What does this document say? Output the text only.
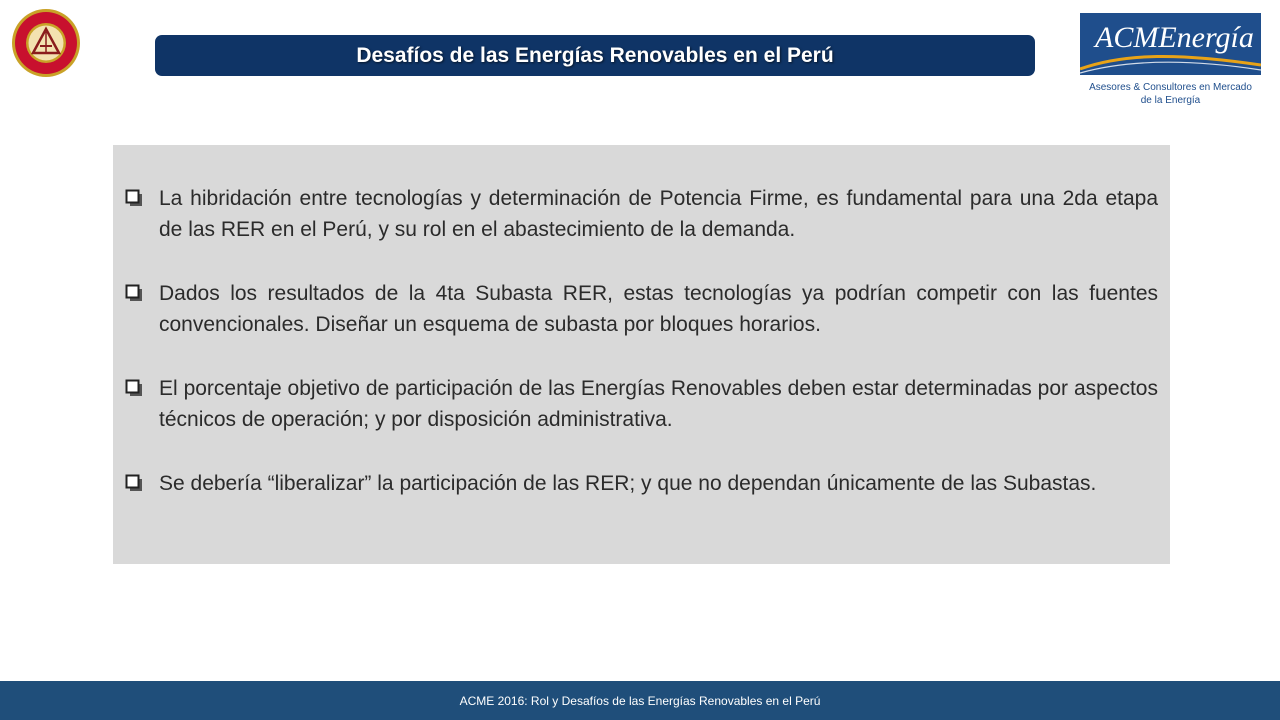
Desafíos de las Energías Renovables en el Perú
ACMEnergía
Asesores & Consultores en Mercado
de la Energía
La hibridación entre tecnologías y determinación de Potencia Firme, es fundamental para una 2da etapa de las RER en el Perú, y su rol en el abastecimiento de la demanda.
Dados los resultados de la 4ta Subasta RER, estas tecnologías ya podrían competir con las fuentes convencionales. Diseñar un esquema de subasta por bloques horarios.
El porcentaje objetivo de participación de las Energías Renovables deben estar determinadas por aspectos técnicos de operación; y por disposición administrativa.
Se debería “liberalizar” la participación de las RER; y que no dependan únicamente de las Subastas.
ACME 2016: Rol y Desafíos de las Energías Renovables en el Perú
